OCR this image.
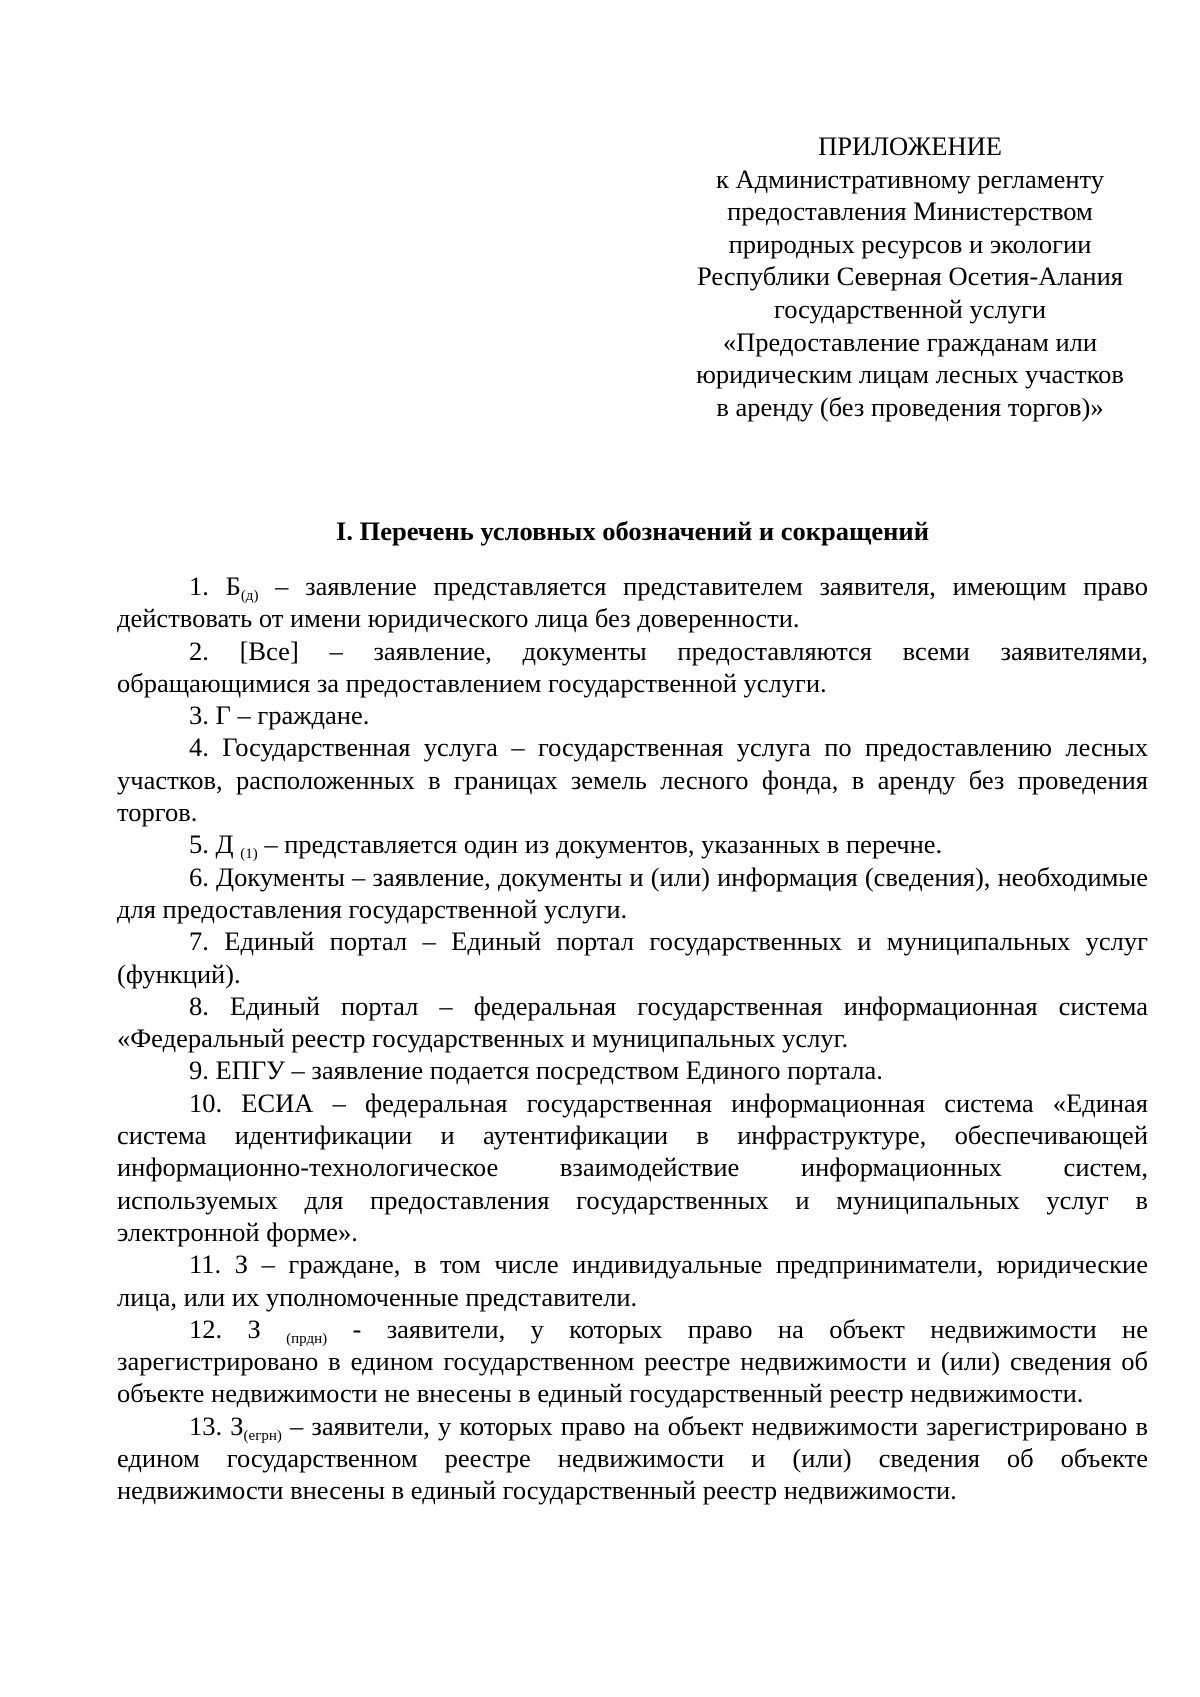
ПРИЛОЖЕНИЕ
к Административному регламенту
предоставления Министерством
природных ресурсов и экологии
Республики Северная Осетия-Алания
государственной услуги
«Предоставление гражданам или
юридическим лицам лесных участков
в аренду (без проведения торгов)»
I. Перечень условных обозначений и сокращений

1. $Б_{(д)}$ – заявление представляется представителем заявителя, имеющим право действовать от имени юридического лица без доверенности.

2. [Все] – заявление, документы предоставляются всеми заявителями, обращающимися за предоставлением государственной услуги.

3. Г – граждане.

4. Государственная услуга – государственная услуга по предоставлению лесных участков, расположенных в границах земель лесного фонда, в аренду без проведения торгов.

5. Д $_{(1)}$ – представляется один из документов, указанных в перечне.

6. Документы – заявление, документы и (или) информация (сведения), необходимые для предоставления государственной услуги.

7. Единый портал – Единый портал государственных и муниципальных услуг (функций).

8. Единый портал – федеральная государственная информационная система «Федеральный реестр государственных и муниципальных услуг.

9. ЕПГУ – заявление подается посредством Единого портала.

10. ЕСИА – федеральная государственная информационная система «Единая система идентификации и аутентификации в инфраструктуре, обеспечивающей информационно-технологическое взаимодействие информационных систем, используемых для предоставления государственных и муниципальных услуг в электронной форме».

11. З – граждане, в том числе индивидуальные предприниматели, юридические лица, или их уполномоченные представители.

12. З $_{(прдн)}$ - заявители, у которых право на объект недвижимости не зарегистрировано в едином государственном реестре недвижимости и (или) сведения об объекте недвижимости не внесены в единый государственный реестр недвижимости.

13. $З_{(егрн)}$ – заявители, у которых право на объект недвижимости зарегистрировано в едином государственном реестре недвижимости и (или) сведения об объекте недвижимости внесены в единый государственный реестр недвижимости.
